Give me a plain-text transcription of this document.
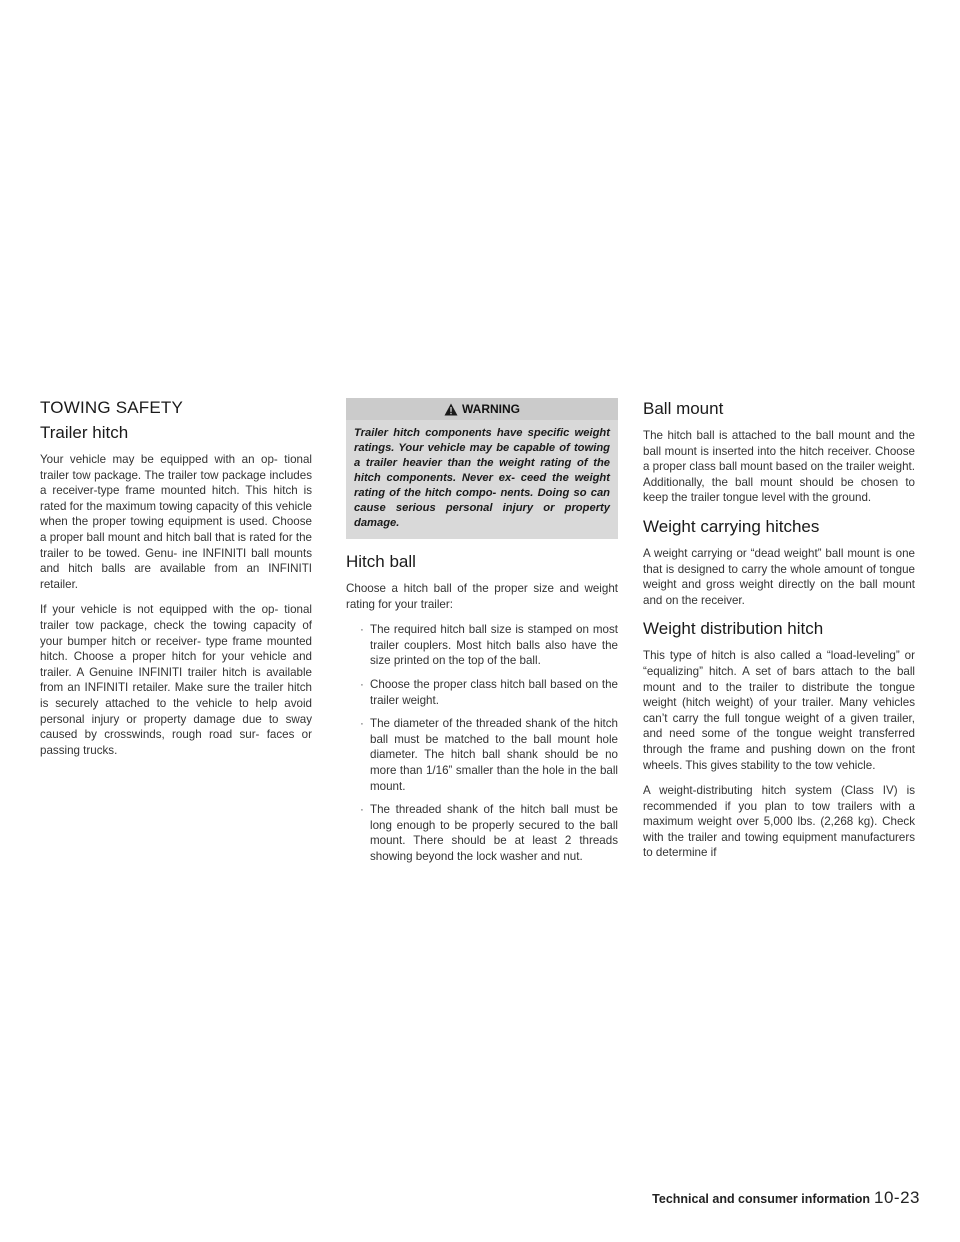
TOWING SAFETY
Trailer hitch

Your vehicle may be equipped with an op- tional trailer tow package. The trailer tow package includes a receiver-type frame mounted hitch. This hitch is rated for the maximum towing capacity of this vehicle when the proper towing equipment is used. Choose a proper ball mount and hitch ball that is rated for the trailer to be towed. Genu- ine INFINITI ball mounts and hitch balls are available from an INFINITI retailer.

If your vehicle is not equipped with the op- tional trailer tow package, check the towing capacity of your bumper hitch or receiver- type frame mounted hitch. Choose a proper hitch for your vehicle and trailer. A Genuine INFINITI trailer hitch is available from an INFINITI retailer. Make sure the trailer hitch is securely attached to the vehicle to help avoid personal injury or property damage due to sway caused by crosswinds, rough road sur- faces or passing trucks.

WARNING
Trailer hitch components have specific weight ratings. Your vehicle may be capable of towing a trailer heavier than the weight rating of the hitch components. Never ex- ceed the weight rating of the hitch compo- nents. Doing so can cause serious personal injury or property damage.
Hitch ball

Choose a hitch ball of the proper size and weight rating for your trailer:

· The required hitch ball size is stamped on most trailer couplers. Most hitch balls also have the size printed on the top of the ball.
· Choose the proper class hitch ball based on the trailer weight.
· The diameter of the threaded shank of the hitch ball must be matched to the ball mount hole diameter. The hitch ball shank should be no more than 1/16” smaller than the hole in the ball mount.
· The threaded shank of the hitch ball must be long enough to be properly secured to the ball mount. There should be at least 2 threads showing beyond the lock washer and nut.
Ball mount

The hitch ball is attached to the ball mount and the ball mount is inserted into the hitch receiver. Choose a proper class ball mount based on the trailer weight. Additionally, the ball mount should be chosen to keep the trailer tongue level with the ground.

Weight carrying hitches

A weight carrying or “dead weight” ball mount is one that is designed to carry the whole amount of tongue weight and gross weight directly on the ball mount and on the receiver.

Weight distribution hitch

This type of hitch is also called a “load-leveling” or “equalizing” hitch. A set of bars attach to the ball mount and to the trailer to distribute the tongue weight (hitch weight) of your trailer. Many vehicles can’t carry the full tongue weight of a given trailer, and need some of the tongue weight transferred through the frame and pushing down on the front wheels. This gives stability to the tow vehicle.

A weight-distributing hitch system (Class IV) is recommended if you plan to tow trailers with a maximum weight over 5,000 lbs. (2,268 kg). Check with the trailer and towing equipment manufacturers to determine if

Technical and consumer information 10-23
